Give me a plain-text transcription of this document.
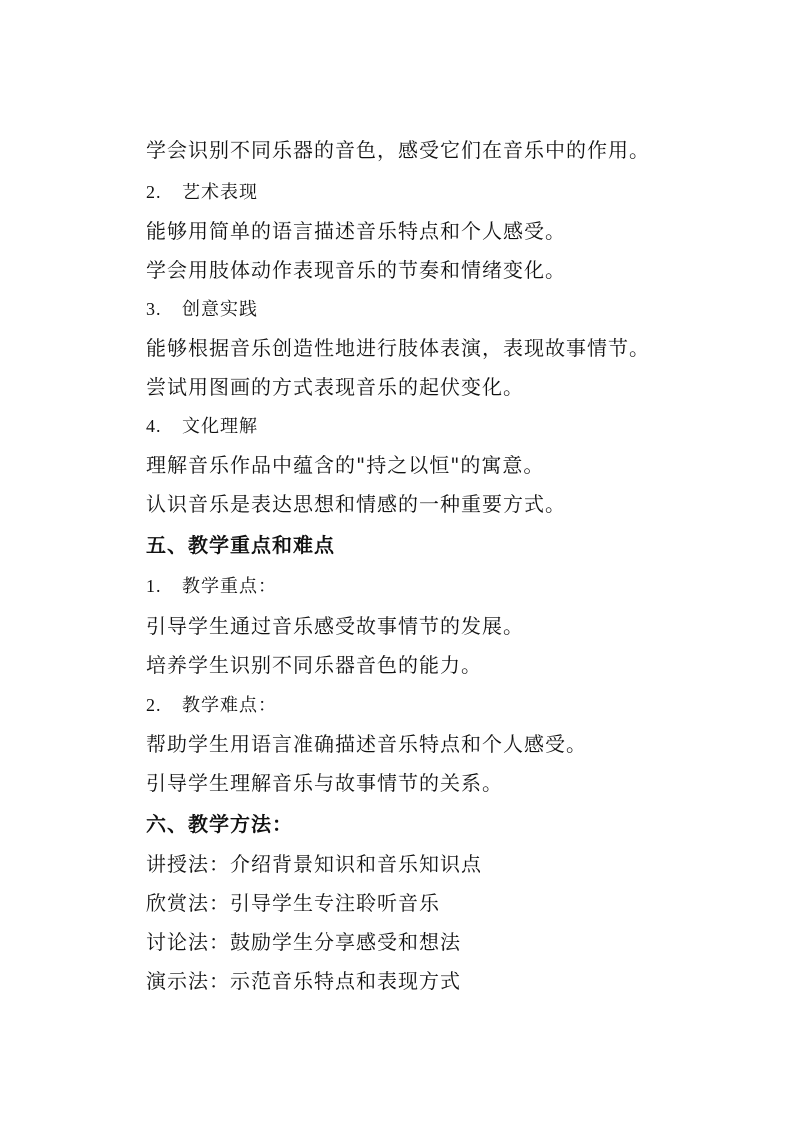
学会识别不同乐器的音色，感受它们在音乐中的作用。
2. 艺术表现
能够用简单的语言描述音乐特点和个人感受。
学会用肢体动作表现音乐的节奏和情绪变化。
3. 创意实践
能够根据音乐创造性地进行肢体表演，表现故事情节。
尝试用图画的方式表现音乐的起伏变化。
4. 文化理解
理解音乐作品中蕴含的"持之以恒"的寓意。
认识音乐是表达思想和情感的一种重要方式。
五、教学重点和难点
1. 教学重点：
引导学生通过音乐感受故事情节的发展。
培养学生识别不同乐器音色的能力。
2. 教学难点：
帮助学生用语言准确描述音乐特点和个人感受。
引导学生理解音乐与故事情节的关系。
六、教学方法：
讲授法：介绍背景知识和音乐知识点
欣赏法：引导学生专注聆听音乐
讨论法：鼓励学生分享感受和想法
演示法：示范音乐特点和表现方式
